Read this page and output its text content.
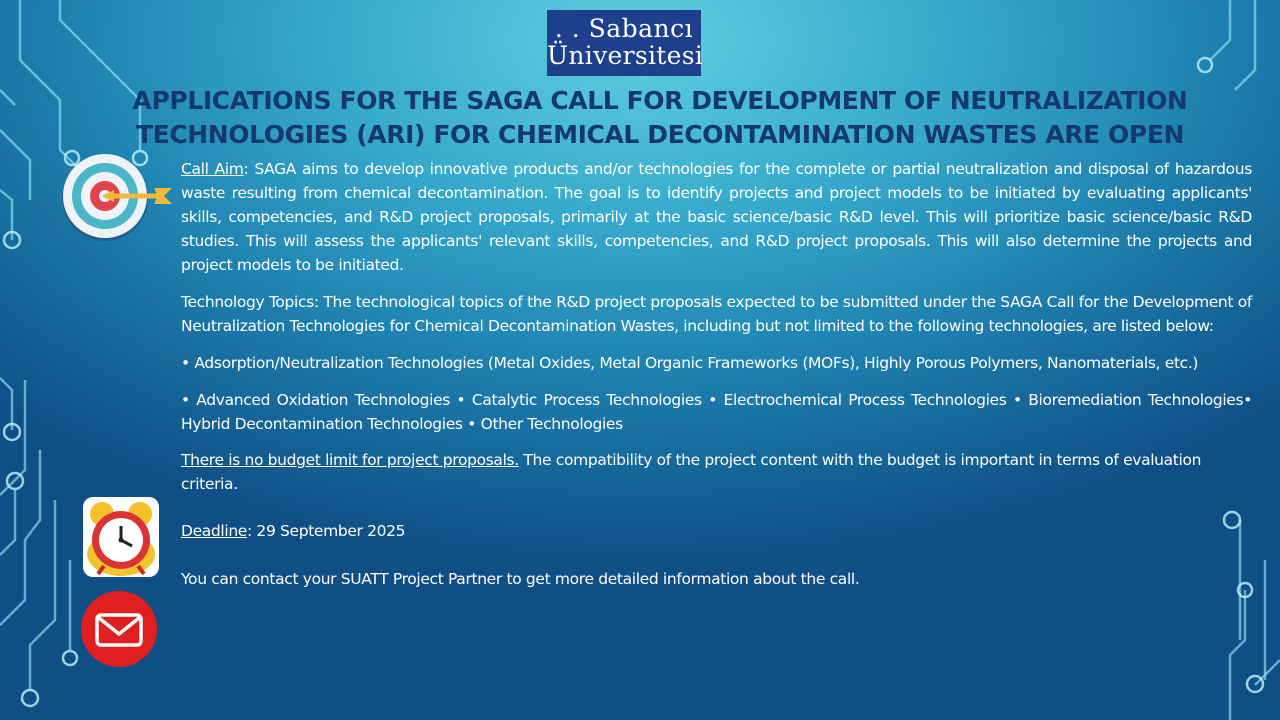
. . Sabancı
Üniversitesi
APPLICATIONS FOR THE SAGA CALL FOR DEVELOPMENT OF NEUTRALIZATION TECHNOLOGIES (ARI) FOR CHEMICAL DECONTAMINATION WASTES ARE OPEN

Call Aim: SAGA aims to develop innovative products and/or technologies for the complete or partial neutralization and disposal of hazardous waste resulting from chemical decontamination. The goal is to identify projects and project models to be initiated by evaluating applicants' skills, competencies, and R&D project proposals, primarily at the basic science/basic R&D level. This will prioritize basic science/basic R&D studies. This will assess the applicants' relevant skills, competencies, and R&D project proposals. This will also determine the projects and project models to be initiated.

Technology Topics: The technological topics of the R&D project proposals expected to be submitted under the SAGA Call for the Development of Neutralization Technologies for Chemical Decontamination Wastes, including but not limited to the following technologies, are listed below:

• Adsorption/Neutralization Technologies (Metal Oxides, Metal Organic Frameworks (MOFs), Highly Porous Polymers, Nanomaterials, etc.)

• Advanced Oxidation Technologies • Catalytic Process Technologies • Electrochemical Process Technologies • Bioremediation Technologies• Hybrid Decontamination Technologies • Other Technologies

There is no budget limit for project proposals. The compatibility of the project content with the budget is important in terms of evaluation criteria.

Deadline: 29 September 2025

You can contact your SUATT Project Partner to get more detailed information about the call.
